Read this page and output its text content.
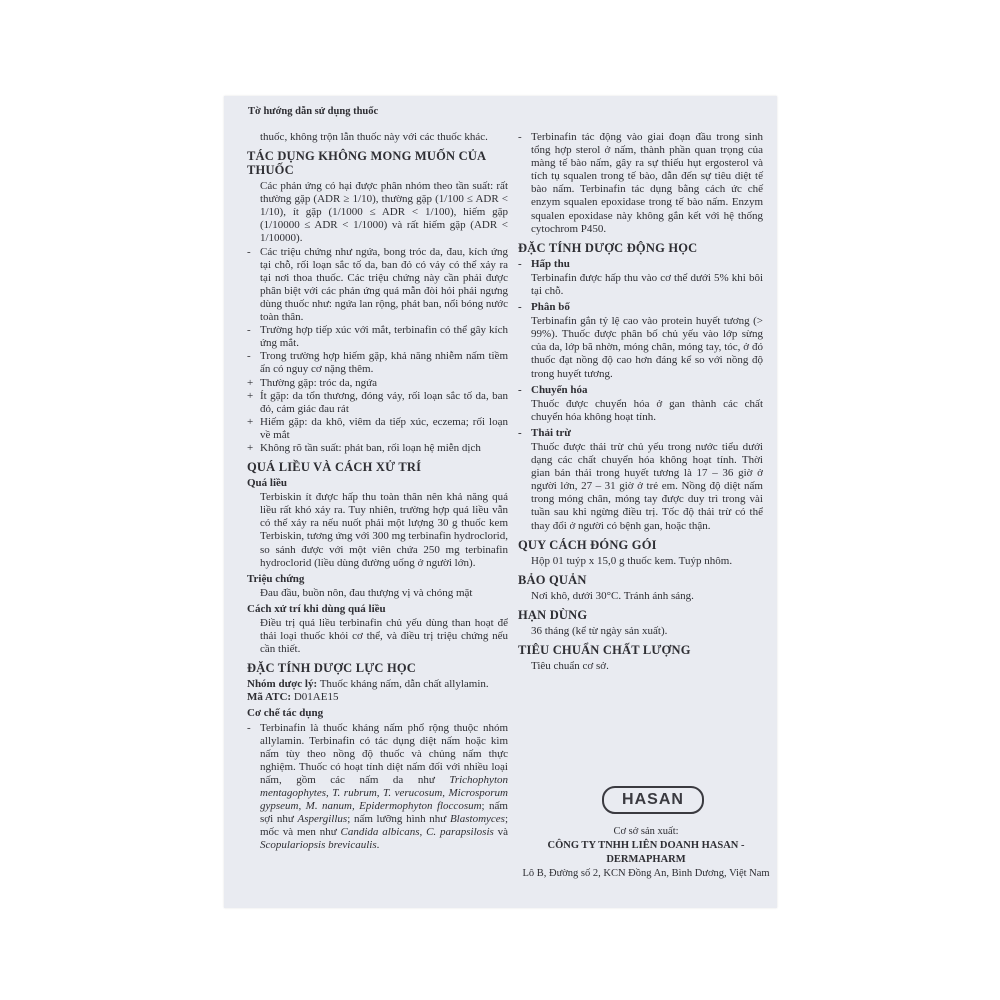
Tờ hướng dẫn sử dụng thuốc

thuốc, không trộn lẫn thuốc này với các thuốc khác.

TÁC DỤNG KHÔNG MONG MUỐN CỦA THUỐC

Các phản ứng có hại được phân nhóm theo tần suất: rất thường gặp (ADR ≥ 1/10), thường gặp (1/100 ≤ ADR < 1/10), ít gặp (1/1000 ≤ ADR < 1/100), hiếm gặp (1/10000 ≤ ADR < 1/1000) và rất hiếm gặp (ADR < 1/10000).

- Các triệu chứng như ngứa, bong tróc da, đau, kích ứng tại chỗ, rối loạn sắc tố da, ban đỏ có vảy có thể xảy ra tại nơi thoa thuốc. Các triệu chứng này cần phải được phân biệt với các phản ứng quá mẫn đòi hỏi phải ngưng dùng thuốc như: ngứa lan rộng, phát ban, nổi bóng nước toàn thân.
- Trường hợp tiếp xúc với mắt, terbinafin có thể gây kích ứng mắt.
- Trong trường hợp hiếm gặp, khả năng nhiễm nấm tiềm ẩn có nguy cơ nặng thêm.
+ Thường gặp: tróc da, ngứa
+ Ít gặp: da tổn thương, đóng vảy, rối loạn sắc tố da, ban đỏ, cảm giác đau rát
+ Hiếm gặp: da khô, viêm da tiếp xúc, eczema; rối loạn về mắt
+ Không rõ tần suất: phát ban, rối loạn hệ miễn dịch

QUÁ LIỀU VÀ CÁCH XỬ TRÍ

Quá liều

Terbiskin ít được hấp thu toàn thân nên khả năng quá liều rất khó xảy ra. Tuy nhiên, trường hợp quá liều vẫn có thể xảy ra nếu nuốt phải một lượng 30 g thuốc kem Terbiskin, tương ứng với 300 mg terbinafin hydroclorid, so sánh được với một viên chứa 250 mg terbinafin hydroclorid (liều dùng đường uống ở người lớn).

Triệu chứng

Đau đầu, buồn nôn, đau thượng vị và chóng mặt

Cách xử trí khi dùng quá liều

Điều trị quá liều terbinafin chủ yếu dùng than hoạt để thải loại thuốc khỏi cơ thể, và điều trị triệu chứng nếu cần thiết.

ĐẶC TÍNH DƯỢC LỰC HỌC

Nhóm dược lý: Thuốc kháng nấm, dẫn chất allylamin.

Mã ATC: D01AE15

Cơ chế tác dụng

- Terbinafin là thuốc kháng nấm phổ rộng thuộc nhóm allylamin. Terbinafin có tác dụng diệt nấm hoặc kìm nấm tùy theo nồng độ thuốc và chủng nấm thực nghiệm. Thuốc có hoạt tính diệt nấm đối với nhiều loại nấm, gồm các nấm da như Trichophyton mentagophytes, T. rubrum, T. verucosum, Microsporum gypseum, M. nanum, Epidermophyton floccosum; nấm sợi như Aspergillus; nấm lưỡng hình như Blastomyces; mốc và men như Candida albicans, C. parapsilosis và Scopulariopsis brevicaulis.
- Terbinafin tác động vào giai đoạn đầu trong sinh tổng hợp sterol ở nấm, thành phần quan trọng của màng tế bào nấm, gây ra sự thiếu hụt ergosterol và tích tụ squalen trong tế bào, dẫn đến sự tiêu diệt tế bào nấm. Terbinafin tác dụng bằng cách ức chế enzym squalen epoxidase trong tế bào nấm. Enzym squalen epoxidase này không gắn kết với hệ thống cytochrom P450.

ĐẶC TÍNH DƯỢC ĐỘNG HỌC

- Hấp thu

Terbinafin được hấp thu vào cơ thể dưới 5% khi bôi tại chỗ.

- Phân bố

Terbinafin gắn tỷ lệ cao vào protein huyết tương (> 99%). Thuốc được phân bố chủ yếu vào lớp sừng của da, lớp bã nhờn, móng chân, móng tay, tóc, ở đó thuốc đạt nồng độ cao hơn đáng kể so với nồng độ trong huyết tương.

- Chuyển hóa

Thuốc được chuyển hóa ở gan thành các chất chuyển hóa không hoạt tính.

- Thải trừ

Thuốc được thải trừ chủ yếu trong nước tiểu dưới dạng các chất chuyển hóa không hoạt tính. Thời gian bán thải trong huyết tương là 17 – 36 giờ ở người lớn, 27 – 31 giờ ở trẻ em. Nồng độ diệt nấm trong móng chân, móng tay được duy trì trong vài tuần sau khi ngừng điều trị. Tốc độ thải trừ có thể thay đổi ở người có bệnh gan, hoặc thận.

QUY CÁCH ĐÓNG GÓI

Hộp 01 tuýp x 15,0 g thuốc kem. Tuýp nhôm.

BẢO QUẢN

Nơi khô, dưới 30°C. Tránh ánh sáng.

HẠN DÙNG

36 tháng (kể từ ngày sản xuất).

TIÊU CHUẨN CHẤT LƯỢNG

Tiêu chuẩn cơ sở.

HASAN
Cơ sở sản xuất:
CÔNG TY TNHH LIÊN DOANH HASAN - DERMAPHARM
Lô B, Đường số 2, KCN Đồng An, Bình Dương, Việt Nam
